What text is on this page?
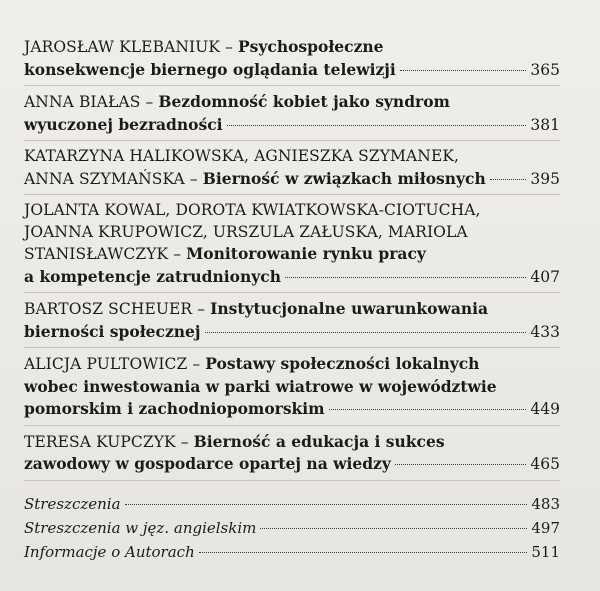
JAROSŁAW KLEBANIUK – Psychospołeczne
konsekwencje biernego oglądania telewizji	365
ANNA BIAŁAS – Bezdomność kobiet jako syndrom
wyuczonej bezradności	381
KATARZYNA HALIKOWSKA, AGNIESZKA SZYMANEK,
ANNA SZYMAŃSKA – Bierność w związkach miłosnych	395
JOLANTA KOWAL, DOROTA KWIATKOWSKA-CIOTUCHA,
JOANNA KRUPOWICZ, URSZULA ZAŁUSKA, MARIOLA
STANISŁAWCZYK – Monitorowanie rynku pracy
a kompetencje zatrudnionych	407
BARTOSZ SCHEUER – Instytucjonalne uwarunkowania
bierności społecznej	433
ALICJA PULTOWICZ – Postawy społeczności lokalnych
wobec inwestowania w parki wiatrowe w województwie
pomorskim i zachodniopomorskim	449
TERESA KUPCZYK – Bierność a edukacja i sukces
zawodowy w gospodarce opartej na wiedzy	465
Streszczenia	483
Streszczenia w jęz. angielskim	497
Informacje o Autorach	511
